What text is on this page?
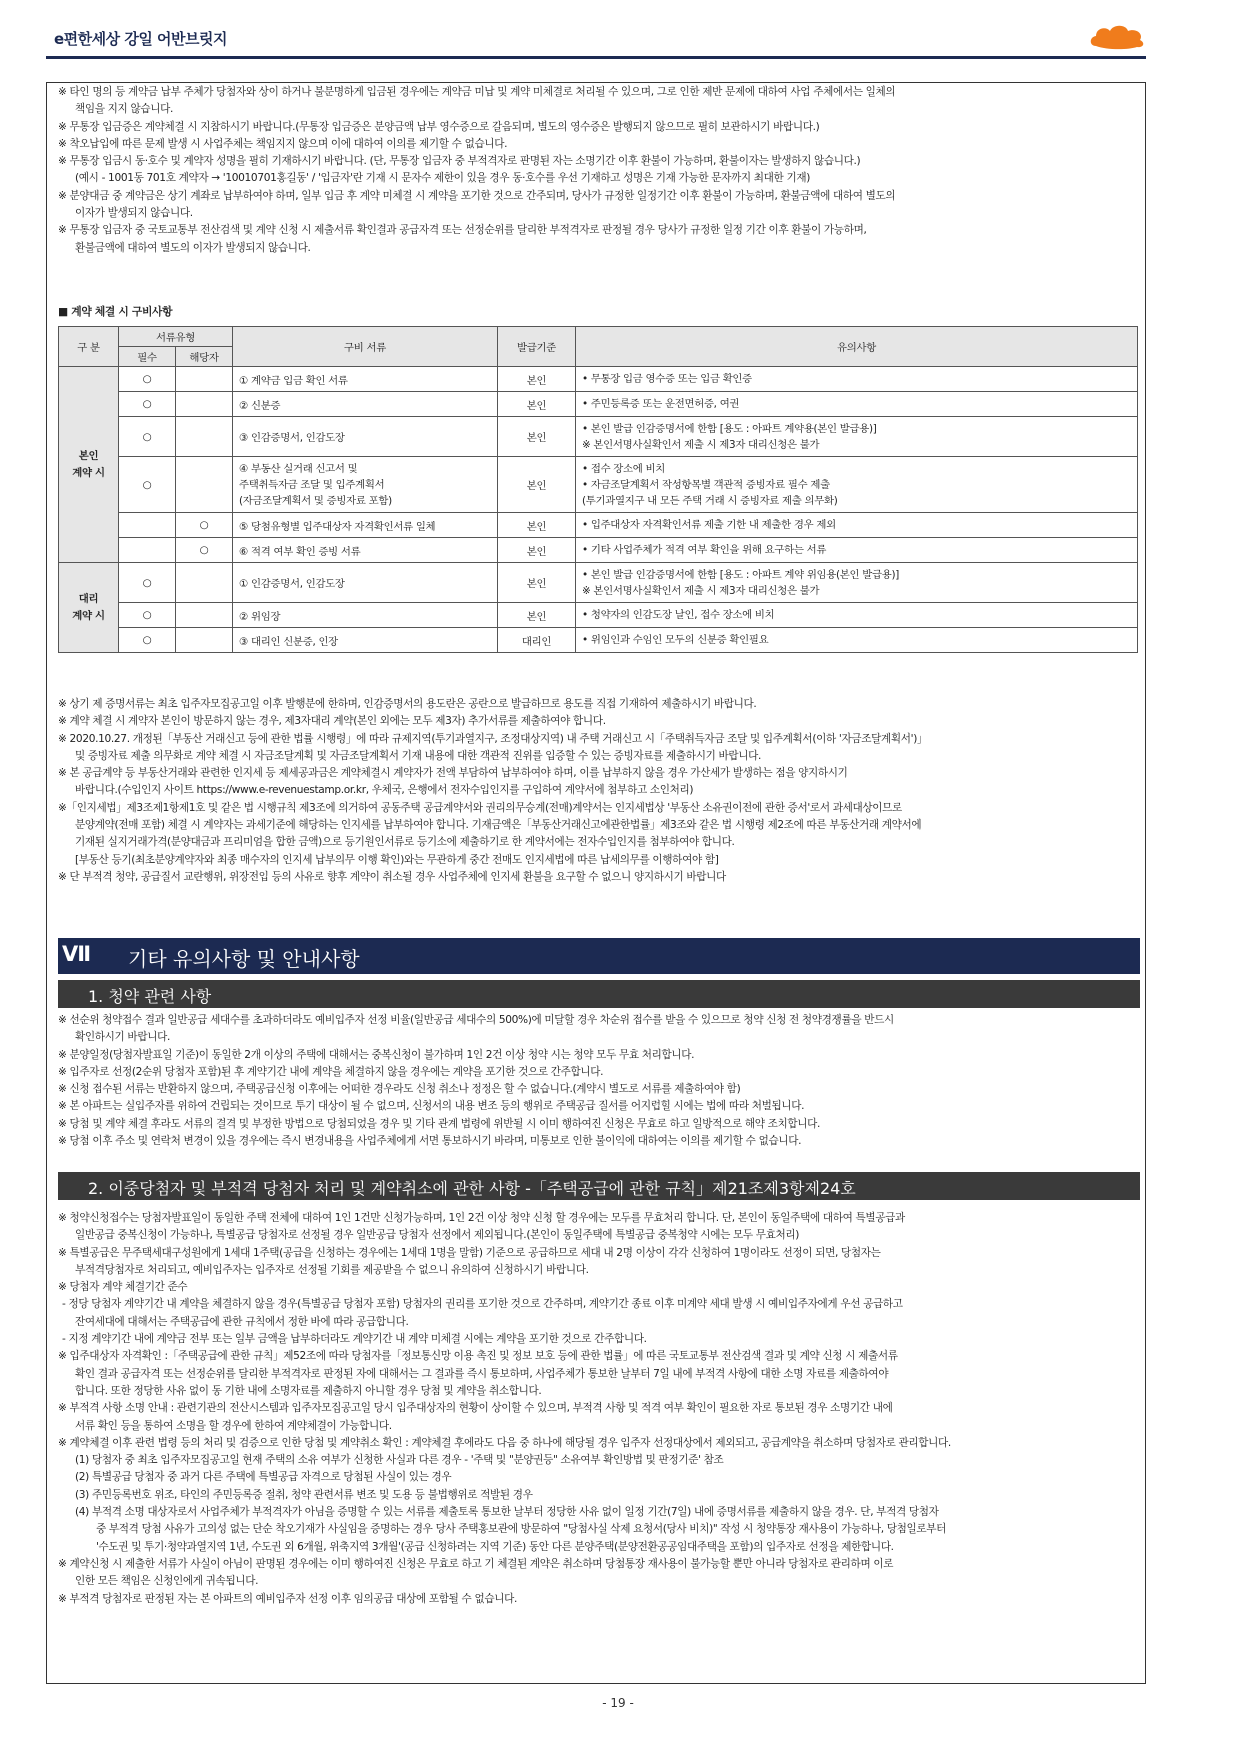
e편한세상 강일 어반브릿지
※ 타인 명의 등 계약금 납부 주체가 당첨자와 상이 하거나 불분명하게 입금된 경우에는 계약금 미납 및 계약 미체결로 처리될 수 있으며, 그로 인한 제반 문제에 대하여 사업 주체에서는 일체의
책임을 지지 않습니다.
※ 무통장 입금증은 계약체결 시 지참하시기 바랍니다.(무통장 입금증은 분양금액 납부 영수증으로 갈음되며, 별도의 영수증은 발행되지 않으므로 필히 보관하시기 바랍니다.)
※ 착오납입에 따른 문제 발생 시 사업주체는 책임지지 않으며 이에 대하여 이의를 제기할 수 없습니다.
※ 무통장 입금시 동·호수 및 계약자 성명을 필히 기재하시기 바랍니다. (단, 무통장 입금자 중 부적격자로 판명된 자는 소명기간 이후 환불이 가능하며, 환불이자는 발생하지 않습니다.)
(예시 - 1001동 701호 계약자 → '10010701홍길동' / '입금자'란 기재 시 문자수 제한이 있을 경우 동·호수를 우선 기재하고 성명은 기재 가능한 문자까지 최대한 기재)
※ 분양대금 중 계약금은 상기 계좌로 납부하여야 하며, 일부 입금 후 계약 미체결 시 계약을 포기한 것으로 간주되며, 당사가 규정한 일정기간 이후 환불이 가능하며, 환불금액에 대하여 별도의
이자가 발생되지 않습니다.
※ 무통장 입금자 중 국토교통부 전산검색 및 계약 신청 시 제출서류 확인결과 공급자격 또는 선정순위를 달리한 부적격자로 판정될 경우 당사가 규정한 일정 기간 이후 환불이 가능하며,
환불금액에 대하여 별도의 이자가 발생되지 않습니다.
■ 계약 체결 시 구비사항
구 분	서류유형		구비 서류	발급기준	유의사항
	필수	해당자			
본인
계약 시	○		① 계약금 입금 확인 서류	본인	• 무통장 입금 영수증 또는 입금 확인증
	○		② 신분증	본인	• 주민등록증 또는 운전면허증, 여권
	○		③ 인감증명서, 인감도장	본인	• 본인 발급 인감증명서에 한함 [용도 : 아파트 계약용(본인 발급용)]
※ 본인서명사실확인서 제출 시 제3자 대리신청은 불가
	○		④ 부동산 실거래 신고서 및
주택취득자금 조달 및 입주계획서
(자금조달계획서 및 증빙자료 포함)	본인	• 접수 장소에 비치
• 자금조달계획서 작성항목별 객관적 증빙자료 필수 제출
(투기과열지구 내 모든 주택 거래 시 증빙자료 제출 의무화)
		○	⑤ 당첨유형별 입주대상자 자격확인서류 일체	본인	• 입주대상자 자격확인서류 제출 기한 내 제출한 경우 제외
		○	⑥ 적격 여부 확인 증빙 서류	본인	• 기타 사업주체가 적격 여부 확인을 위해 요구하는 서류
대리
계약 시	○		① 인감증명서, 인감도장	본인	• 본인 발급 인감증명서에 한함 [용도 : 아파트 계약 위임용(본인 발급용)]
※ 본인서명사실확인서 제출 시 제3자 대리신청은 불가
	○		② 위임장	본인	• 청약자의 인감도장 날인, 접수 장소에 비치
	○		③ 대리인 신분증, 인장	대리인	• 위임인과 수임인 모두의 신분증 확인필요
※ 상기 제 증명서류는 최초 입주자모집공고일 이후 발행분에 한하며, 인감증명서의 용도란은 공란으로 발급하므로 용도를 직접 기재하여 제출하시기 바랍니다.
※ 계약 체결 시 계약자 본인이 방문하지 않는 경우, 제3자대리 계약(본인 외에는 모두 제3자) 추가서류를 제출하여야 합니다.
※ 2020.10.27. 개정된「부동산 거래신고 등에 관한 법률 시행령」에 따라 규제지역(투기과열지구, 조정대상지역) 내 주택 거래신고 시「주택취득자금 조달 및 입주계획서(이하 '자금조달계획서')」
및 증빙자료 제출 의무화로 계약 체결 시 자금조달계획 및 자금조달계획서 기재 내용에 대한 객관적 진위를 입증할 수 있는 증빙자료를 제출하시기 바랍니다.
※ 본 공급계약 등 부동산거래와 관련한 인지세 등 제세공과금은 계약체결시 계약자가 전액 부담하여 납부하여야 하며, 이를 납부하지 않을 경우 가산세가 발생하는 점을 양지하시기
바랍니다.(수입인지 사이트 https://www.e-revenuestamp.or.kr, 우체국, 은행에서 전자수입인지를 구입하여 계약서에 첨부하고 소인처리)
※「인지세법」제3조제1항제1호 및 같은 법 시행규칙 제3조에 의거하여 공동주택 공급계약서와 권리의무승계(전매)계약서는 인지세법상 '부동산 소유권이전에 관한 증서'로서 과세대상이므로
분양계약(전매 포함) 체결 시 계약자는 과세기준에 해당하는 인지세를 납부하여야 합니다. 기재금액은「부동산거래신고에관한법률」제3조와 같은 법 시행령 제2조에 따른 부동산거래 계약서에
기재된 실지거래가격(분양대금과 프리미엄을 합한 금액)으로 등기원인서류로 등기소에 제출하기로 한 계약서에는 전자수입인지를 첨부하여야 합니다.
[부동산 등기(최초분양계약자와 최종 매수자의 인지세 납부의무 이행 확인)와는 무관하게 중간 전매도 인지세법에 따른 납세의무를 이행하여야 함]
※ 단 부적격 청약, 공급질서 교란행위, 위장전입 등의 사유로 향후 계약이 취소될 경우 사업주체에 인지세 환불을 요구할 수 없으니 양지하시기 바랍니다
Ⅶ 기타 유의사항 및 안내사항
1. 청약 관련 사항
※ 선순위 청약접수 결과 일반공급 세대수를 초과하더라도 예비입주자 선정 비율(일반공급 세대수의 500%)에 미달할 경우 차순위 접수를 받을 수 있으므로 청약 신청 전 청약경쟁률을 반드시
확인하시기 바랍니다.
※ 분양일정(당첨자발표일 기준)이 동일한 2개 이상의 주택에 대해서는 중복신청이 불가하며 1인 2건 이상 청약 시는 청약 모두 무효 처리합니다.
※ 입주자로 선정(2순위 당첨자 포함)된 후 계약기간 내에 계약을 체결하지 않을 경우에는 계약을 포기한 것으로 간주합니다.
※ 신청 접수된 서류는 반환하지 않으며, 주택공급신청 이후에는 어떠한 경우라도 신청 취소나 정정은 할 수 없습니다.(계약시 별도로 서류를 제출하여야 함)
※ 본 아파트는 실입주자를 위하여 건립되는 것이므로 투기 대상이 될 수 없으며, 신청서의 내용 변조 등의 행위로 주택공급 질서를 어지럽힐 시에는 법에 따라 처벌됩니다.
※ 당첨 및 계약 체결 후라도 서류의 결격 및 부정한 방법으로 당첨되었을 경우 및 기타 관계 법령에 위반될 시 이미 행하여진 신청은 무효로 하고 일방적으로 해약 조치합니다.
※ 당첨 이후 주소 및 연락처 변경이 있을 경우에는 즉시 변경내용을 사업주체에게 서면 통보하시기 바라며, 미통보로 인한 불이익에 대하여는 이의를 제기할 수 없습니다.
2. 이중당첨자 및 부적격 당첨자 처리 및 계약취소에 관한 사항 -「주택공급에 관한 규칙」제21조제3항제24호
※ 청약신청접수는 당첨자발표일이 동일한 주택 전체에 대하여 1인 1건만 신청가능하며, 1인 2건 이상 청약 신청 할 경우에는 모두를 무효처리 합니다. 단, 본인이 동일주택에 대하여 특별공급과
일반공급 중복신청이 가능하나, 특별공급 당첨자로 선정될 경우 일반공급 당첨자 선정에서 제외됩니다.(본인이 동일주택에 특별공급 중복청약 시에는 모두 무효처리)
※ 특별공급은 무주택세대구성원에게 1세대 1주택(공급을 신청하는 경우에는 1세대 1명을 말함) 기준으로 공급하므로 세대 내 2명 이상이 각각 신청하여 1명이라도 선정이 되면, 당첨자는
부적격당첨자로 처리되고, 예비입주자는 입주자로 선정될 기회를 제공받을 수 없으니 유의하여 신청하시기 바랍니다.
※ 당첨자 계약 체결기간 준수
- 정당 당첨자 계약기간 내 계약을 체결하지 않을 경우(특별공급 당첨자 포함) 당첨자의 권리를 포기한 것으로 간주하며, 계약기간 종료 이후 미계약 세대 발생 시 예비입주자에게 우선 공급하고
잔여세대에 대해서는 주택공급에 관한 규칙에서 정한 바에 따라 공급합니다.
- 지정 계약기간 내에 계약금 전부 또는 일부 금액을 납부하더라도 계약기간 내 계약 미체결 시에는 계약을 포기한 것으로 간주합니다.
※ 입주대상자 자격확인 :「주택공급에 관한 규칙」제52조에 따라 당첨자를「정보통신망 이용 촉진 및 정보 보호 등에 관한 법률」에 따른 국토교통부 전산검색 결과 및 계약 신청 시 제출서류
확인 결과 공급자격 또는 선정순위를 달리한 부적격자로 판정된 자에 대해서는 그 결과를 즉시 통보하며, 사업주체가 통보한 날부터 7일 내에 부적격 사항에 대한 소명 자료를 제출하여야
합니다. 또한 정당한 사유 없이 동 기한 내에 소명자료를 제출하지 아니할 경우 당첨 및 계약을 취소합니다.
※ 부적격 사항 소명 안내 : 관련기관의 전산시스템과 입주자모집공고일 당시 입주대상자의 현황이 상이할 수 있으며, 부적격 사항 및 적격 여부 확인이 필요한 자로 통보된 경우 소명기간 내에
서류 확인 등을 통하여 소명을 할 경우에 한하여 계약체결이 가능합니다.
※ 계약체결 이후 관련 법령 등의 처리 및 검증으로 인한 당첨 및 계약취소 확인 : 계약체결 후에라도 다음 중 하나에 해당될 경우 입주자 선정대상에서 제외되고, 공급계약을 취소하며 당첨자로 관리합니다.
(1) 당첨자 중 최초 입주자모집공고일 현재 주택의 소유 여부가 신청한 사실과 다른 경우 - '주택 및 "분양권등" 소유여부 확인방법 및 판정기준' 참조
(2) 특별공급 당첨자 중 과거 다른 주택에 특별공급 자격으로 당첨된 사실이 있는 경우
(3) 주민등록번호 위조, 타인의 주민등록증 절취, 청약 관련서류 변조 및 도용 등 불법행위로 적발된 경우
(4) 부적격 소명 대상자로서 사업주체가 부적격자가 아님을 증명할 수 있는 서류를 제출토록 통보한 날부터 정당한 사유 없이 일정 기간(7일) 내에 증명서류를 제출하지 않을 경우. 단, 부적격 당첨자
중 부적격 당첨 사유가 고의성 없는 단순 착오기재가 사실임을 증명하는 경우 당사 주택홍보관에 방문하여 "당첨사실 삭제 요청서(당사 비치)" 작성 시 청약통장 재사용이 가능하나, 당첨일로부터
'수도권 및 투기·청약과열지역 1년, 수도권 외 6개월, 위축지역 3개월'(공급 신청하려는 지역 기준) 동안 다른 분양주택(분양전환공공임대주택을 포함)의 입주자로 선정을 제한합니다.
※ 계약신청 시 제출한 서류가 사실이 아님이 판명된 경우에는 이미 행하여진 신청은 무효로 하고 기 체결된 계약은 취소하며 당첨통장 재사용이 불가능할 뿐만 아니라 당첨자로 관리하며 이로
인한 모든 책임은 신청인에게 귀속됩니다.
※ 부적격 당첨자로 판정된 자는 본 아파트의 예비입주자 선정 이후 임의공급 대상에 포함될 수 없습니다.
- 19 -
